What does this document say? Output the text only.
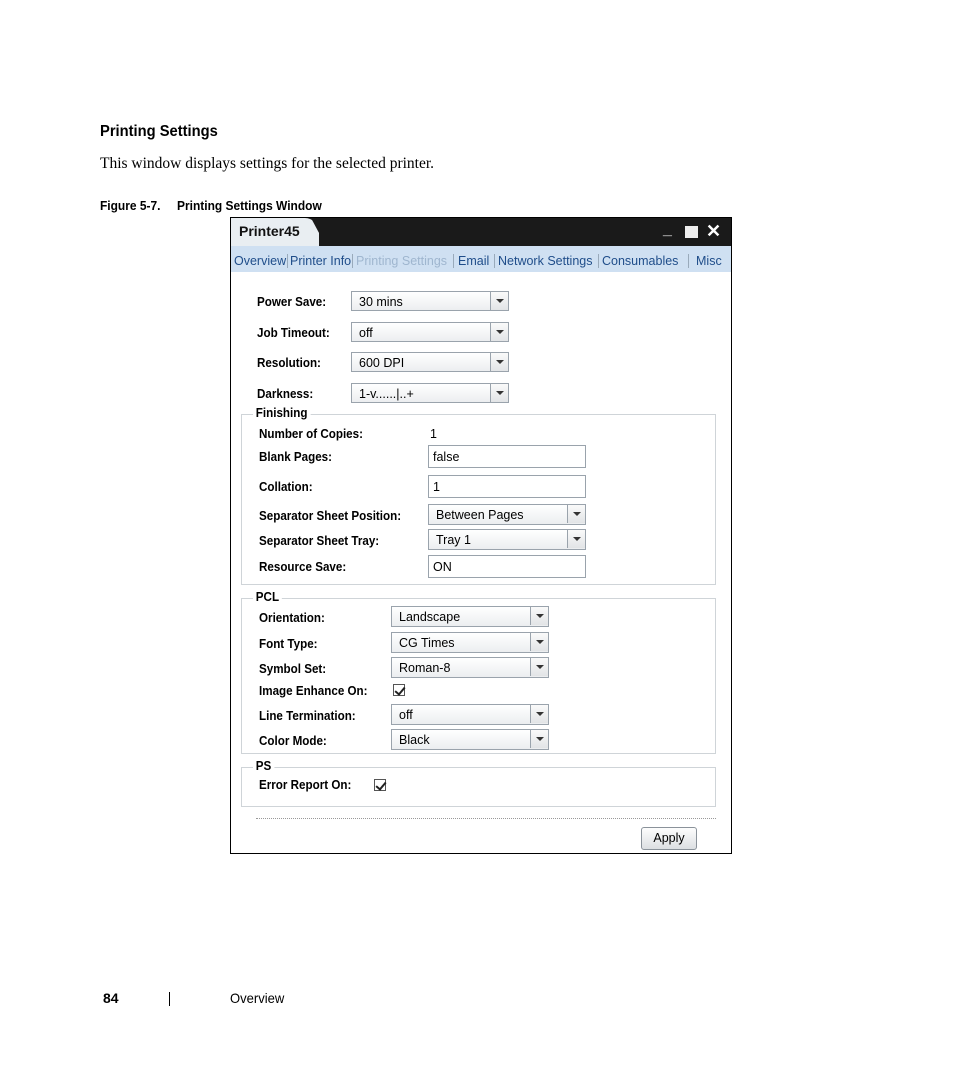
Printing Settings
This window displays settings for the selected printer.
Figure 5-7. Printing Settings Window
Printer45	_ ✕
Overview Printer Info Printing Settings Email Network Settings Consumables Misc
Power Save:	30 mins
Job Timeout: off
Resolution:	600 DPI
Darkness:	1-v......|..+
Finishing
Number of Copies:	1
Blank Pages:	false
Collation:	1
Separator Sheet Position:	Between Pages
Separator Sheet Tray:	Tray 1
Resource Save:	ON
PCL
Orientation:	Landscape
Font Type:	CG Times
Symbol Set:	Roman-8
Image Enhance On:
Line Termination:	off
Color Mode:	Black
PS
Error Report On:
Apply
84	Overview
